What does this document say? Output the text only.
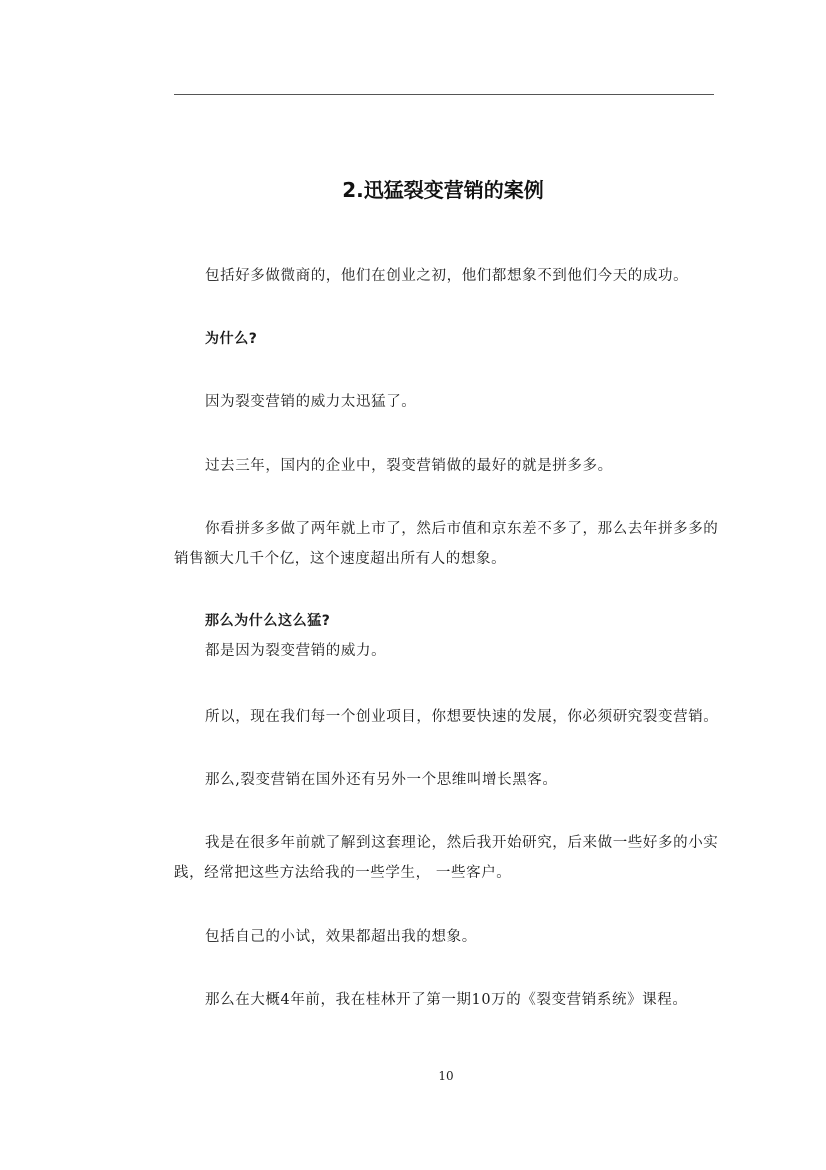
2.迅猛裂变营销的案例

包括好多做微商的，他们在创业之初，他们都想象不到他们今天的成功。

为什么?

因为裂变营销的威力太迅猛了。

过去三年，国内的企业中，裂变营销做的最好的就是拼多多。

你看拼多多做了两年就上市了，然后市值和京东差不多了，那么去年拼多多的销售额大几千个亿，这个速度超出所有人的想象。

那么为什么这么猛?

都是因为裂变营销的威力。

所以，现在我们每一个创业项目，你想要快速的发展，你必须研究裂变营销。

那么,裂变营销在国外还有另外一个思维叫增长黑客。

我是在很多年前就了解到这套理论，然后我开始研究，后来做一些好多的小实践，经常把这些方法给我的一些学生， 一些客户。

包括自己的小试，效果都超出我的想象。

那么在大概4年前，我在桂林开了第一期10万的《裂变营销系统》课程。

10
